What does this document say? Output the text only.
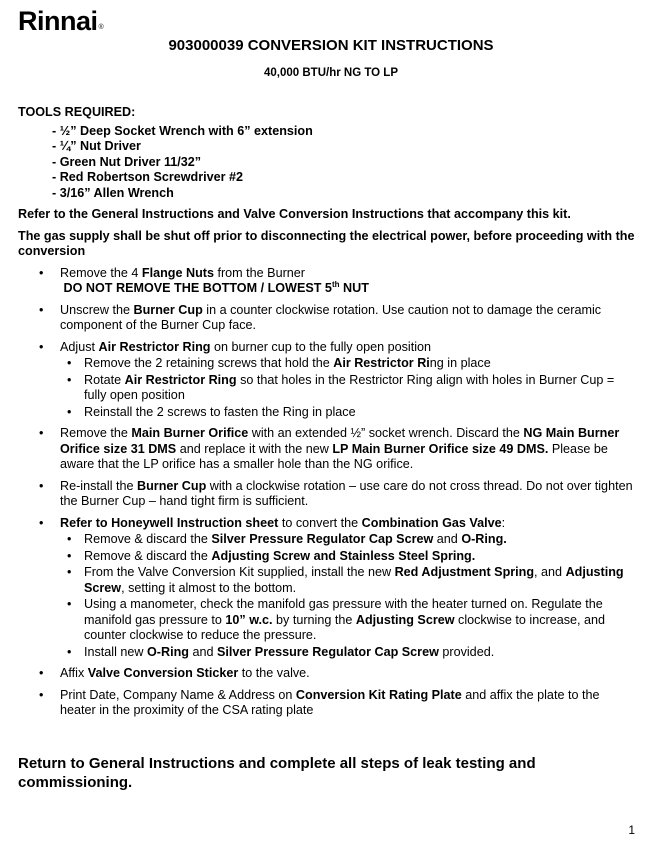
Rinnai®
903000039 CONVERSION KIT INSTRUCTIONS
40,000 BTU/hr NG TO LP
TOOLS REQUIRED:
- ½” Deep Socket Wrench with 6” extension
- ¼” Nut Driver
- Green Nut Driver 11/32”
- Red Robertson Screwdriver #2
- 3/16” Allen Wrench
Refer to the General Instructions and Valve Conversion Instructions that accompany this kit.
The gas supply shall be shut off prior to disconnecting the electrical power, before proceeding with the conversion
• Remove the 4 Flange Nuts from the Burner
DO NOT REMOVE THE BOTTOM / LOWEST 5th NUT
• Unscrew the Burner Cup in a counter clockwise rotation. Use caution not to damage the ceramic component of the Burner Cup face.
• Adjust Air Restrictor Ring on burner cup to the fully open position
• Remove the 2 retaining screws that hold the Air Restrictor Ring in place
• Rotate Air Restrictor Ring so that holes in the Restrictor Ring align with holes in Burner Cup = fully open position
• Reinstall the 2 screws to fasten the Ring in place
• Remove the Main Burner Orifice with an extended ½” socket wrench. Discard the NG Main Burner Orifice size 31 DMS and replace it with the new LP Main Burner Orifice size 49 DMS. Please be aware that the LP orifice has a smaller hole than the NG orifice.
• Re-install the Burner Cup with a clockwise rotation – use care do not cross thread. Do not over tighten the Burner Cup – hand tight firm is sufficient.
• Refer to Honeywell Instruction sheet to convert the Combination Gas Valve:
• Remove & discard the Silver Pressure Regulator Cap Screw and O-Ring.
• Remove & discard the Adjusting Screw and Stainless Steel Spring.
• From the Valve Conversion Kit supplied, install the new Red Adjustment Spring, and Adjusting Screw, setting it almost to the bottom.
• Using a manometer, check the manifold gas pressure with the heater turned on. Regulate the manifold gas pressure to 10” w.c. by turning the Adjusting Screw clockwise to increase, and counter clockwise to reduce the pressure.
• Install new O-Ring and Silver Pressure Regulator Cap Screw provided.
• Affix Valve Conversion Sticker to the valve.
• Print Date, Company Name & Address on Conversion Kit Rating Plate and affix the plate to the heater in the proximity of the CSA rating plate
Return to General Instructions and complete all steps of leak testing and commissioning.
1
